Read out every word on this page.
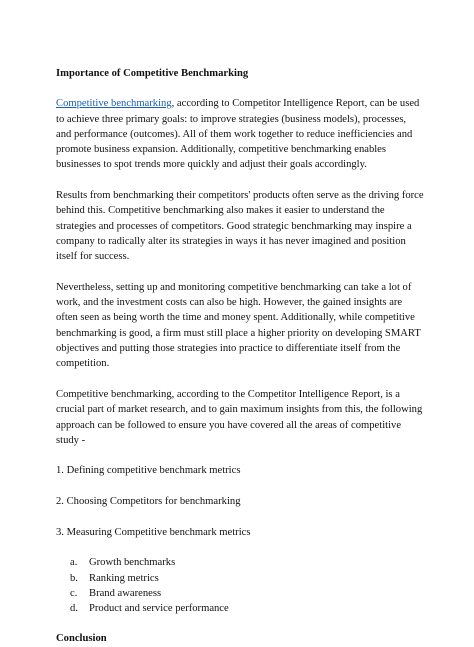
Importance of Competitive Benchmarking

Competitive benchmarking, according to Competitor Intelligence Report, can be used to achieve three primary goals: to improve strategies (business models), processes, and performance (outcomes). All of them work together to reduce inefficiencies and promote business expansion. Additionally, competitive benchmarking enables businesses to spot trends more quickly and adjust their goals accordingly.

Results from benchmarking their competitors' products often serve as the driving force behind this. Competitive benchmarking also makes it easier to understand the strategies and processes of competitors. Good strategic benchmarking may inspire a company to radically alter its strategies in ways it has never imagined and position itself for success.

Nevertheless, setting up and monitoring competitive benchmarking can take a lot of work, and the investment costs can also be high. However, the gained insights are often seen as being worth the time and money spent. Additionally, while competitive benchmarking is good, a firm must still place a higher priority on developing SMART objectives and putting those strategies into practice to differentiate itself from the competition.

Competitive benchmarking, according to the Competitor Intelligence Report, is a crucial part of market research, and to gain maximum insights from this, the following approach can be followed to ensure you have covered all the areas of competitive study -

1. Defining competitive benchmark metrics
2. Choosing Competitors for benchmarking
3. Measuring Competitive benchmark metrics
a.	Growth benchmarks
b.	Ranking metrics
c.	Brand awareness
d.	Product and service performance
Conclusion
